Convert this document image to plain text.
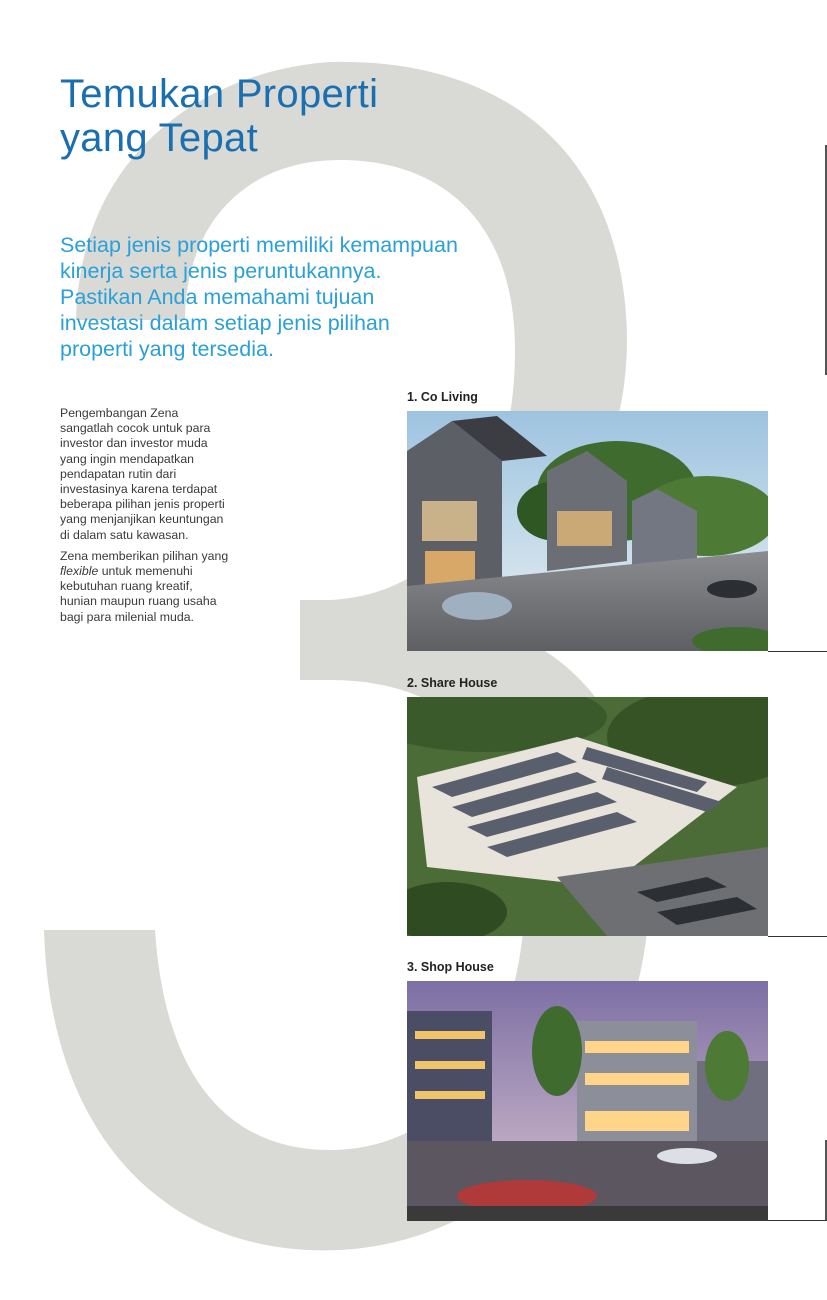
Temukan Properti
yang Tepat

Setiap jenis properti memiliki kemampuan kinerja serta jenis peruntukannya. Pastikan Anda memahami tujuan investasi dalam setiap jenis pilihan properti yang tersedia.

Pengembangan Zena sangatlah cocok untuk para investor dan investor muda yang ingin mendapatkan pendapatan rutin dari investasinya karena terdapat beberapa pilihan jenis properti yang menjanjikan keuntungan di dalam satu kawasan.

Zena memberikan pilihan yang flexible untuk memenuhi kebutuhan ruang kreatif, hunian maupun ruang usaha bagi para milenial muda.

1. Co Living

2. Share House

3. Shop House
